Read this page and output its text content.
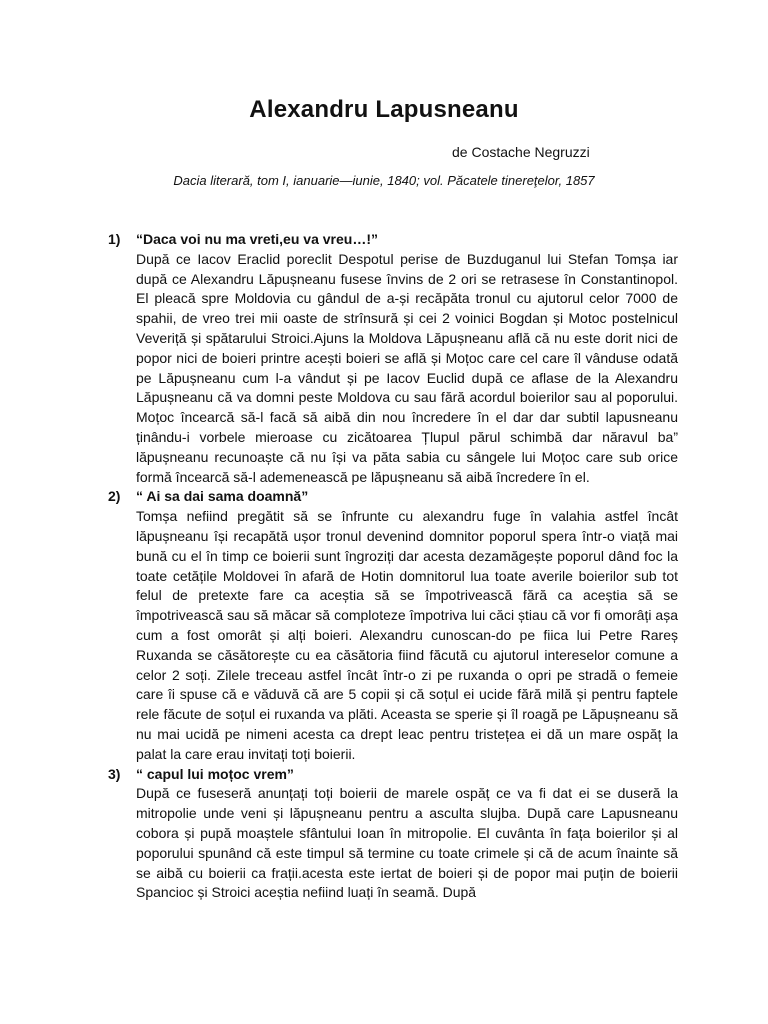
Alexandru Lapusneanu
de Costache Negruzzi
Dacia literară, tom I, ianuarie—iunie, 1840; vol. Păcatele tinereţelor, 1857
1) “Daca voi nu ma vreti,eu va vreu…!”

După ce Iacov Eraclid poreclit Despotul perise de Buzduganul lui Stefan Tomșa iar după ce Alexandru Lăpușneanu fusese învins de 2 ori se retrasese în Constantinopol. El pleacă spre Moldovia cu gândul de a-și recăpăta tronul cu ajutorul celor 7000 de spahii, de vreo trei mii oaste de strînsură și cei 2 voinici Bogdan și Motoc postelnicul Veveriță și spătarului Stroici.Ajuns la Moldova Lăpușneanu află că nu este dorit nici de popor nici de boieri printre acești boieri se află și Moțoc care cel care îl vânduse odată pe Lăpușneanu cum l-a vândut și pe Iacov Euclid după ce aflase de la Alexandru Lăpușneanu că va domni peste Moldova cu sau fără acordul boierilor sau al poporului. Moțoc încearcă să-l facă să aibă din nou încredere în el dar dar subtil lapusneanu ținându-i vorbele mieroase cu zicătoarea Țlupul părul schimbă dar năravul ba” lăpușneanu recunoaște că nu își va păta sabia cu sângele lui Moțoc care sub orice formă încearcă să-l ademenească pe lăpușneanu să aibă încredere în el.

2) “ Ai sa dai sama doamnă”

Tomșa nefiind pregătit să se înfrunte cu alexandru fuge în valahia astfel încât lăpușneanu își recapătă ușor tronul devenind domnitor poporul spera într-o viață mai bună cu el în timp ce boierii sunt îngroziți dar acesta dezamăgește poporul dând foc la toate cetățile Moldovei în afară de Hotin domnitorul lua toate averile boierilor sub tot felul de pretexte fare ca aceștia să se împotrivească fără ca aceștia să se împotrivească sau să măcar să comploteze împotriva lui căci știau că vor fi omorâți așa cum a fost omorât și alți boieri. Alexandru cunoscan-do pe fiica lui Petre Rareș Ruxanda se căsătorește cu ea căsătoria fiind făcută cu ajutorul intereselor comune a celor 2 soți. Zilele treceau astfel încât într-o zi pe ruxanda o opri pe stradă o femeie care îi spuse că e văduvă că are 5 copii și că soțul ei ucide fără milă și pentru faptele rele făcute de soțul ei ruxanda va plăti. Aceasta se sperie și îl roagă pe Lăpușneanu să nu mai ucidă pe nimeni acesta ca drept leac pentru tristețea ei dă un mare ospăț la palat la care erau invitați toți boierii.

3) “ capul lui moțoc vrem”

După ce fuseseră anunțați toți boierii de marele ospăț ce va fi dat ei se duseră la mitropolie unde veni și lăpușneanu pentru a asculta slujba. După care Lapusneanu cobora și pupă moaștele sfântului Ioan în mitropolie. El cuvânta în fața boierilor și al poporului spunând că este timpul să termine cu toate crimele și că de acum înainte să se aibă cu boierii ca frații.acesta este iertat de boieri și de popor mai puțin de boierii Spancioc și Stroici aceștia nefiind luați în seamă. După
